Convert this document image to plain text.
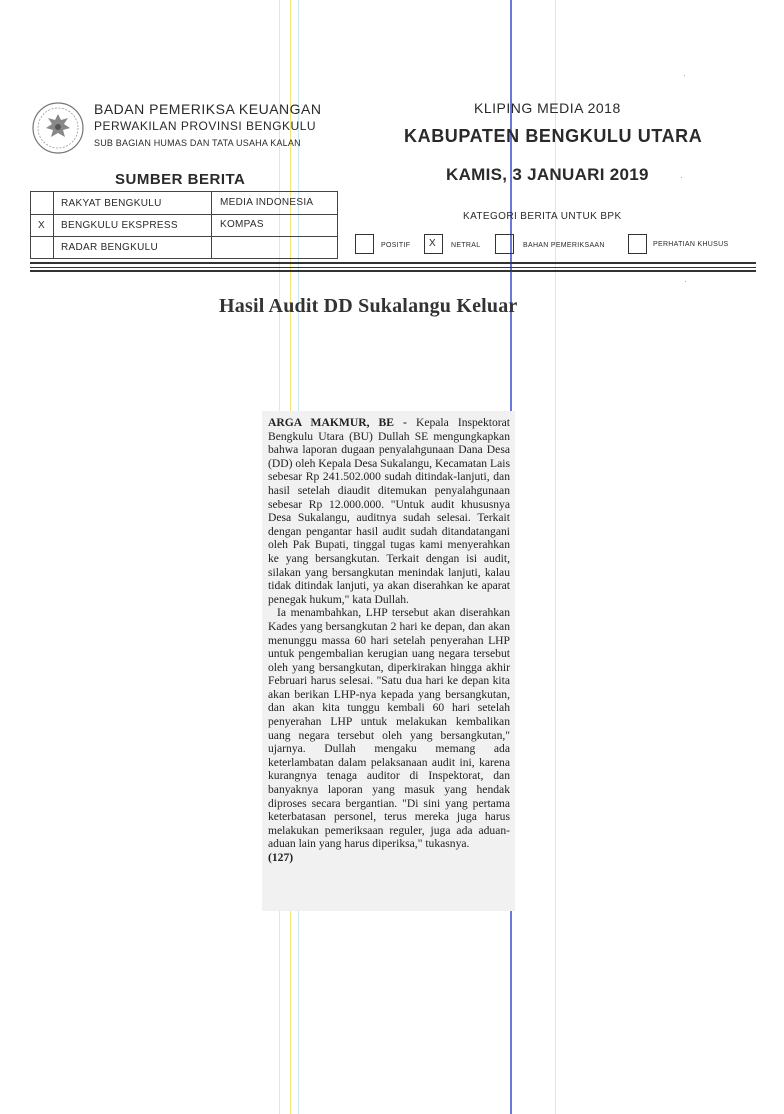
BADAN PEMERIKSA KEUANGAN
PERWAKILAN PROVINSI BENGKULU
SUB BAGIAN HUMAS DAN TATA USAHA KALAN
KLIPING MEDIA 2018
KABUPATEN BENGKULU UTARA
KAMIS, 3 JANUARI 2019
SUMBER BERITA
RAKYAT BENGKULU
X BENGKULU EKSPRESS
RADAR BENGKULU
MEDIA INDONESIA
KOMPAS
KATEGORI BERITA UNTUK BPK
POSITIF X NETRAL	BAHAN PEMERIKSAAN	PERHATIAN KHUSUS
Hasil Audit DD Sukalangu Keluar

ARGA MAKMUR, BE - Kepala Inspektorat Bengkulu Utara (BU) Dullah SE mengungkapkan bahwa laporan dugaan penyalahgunaan Dana Desa (DD) oleh Kepala Desa Sukalangu, Kecamatan Lais sebesar Rp 241.502.000 sudah ditindak-lanjuti, dan hasil setelah diaudit ditemukan penyalahgunaan sebesar Rp 12.000.000. "Untuk audit khususnya Desa Sukalangu, auditnya sudah selesai. Terkait dengan pengantar hasil audit sudah ditandatangani oleh Pak Bupati, tinggal tugas kami menyerahkan ke yang bersangkutan. Terkait dengan isi audit, silakan yang bersangkutan menindak lanjuti, kalau tidak ditindak lanjuti, ya akan diserahkan ke aparat penegak hukum," kata Dullah.

Ia menambahkan, LHP tersebut akan diserahkan Kades yang bersangkutan 2 hari ke depan, dan akan menunggu massa 60 hari setelah penyerahan LHP untuk pengembalian kerugian uang negara tersebut oleh yang bersangkutan, diperkirakan hingga akhir Februari harus selesai. "Satu dua hari ke depan kita akan berikan LHP-nya kepada yang bersangkutan, dan akan kita tunggu kembali 60 hari setelah penyerahan LHP untuk melakukan kembalikan uang negara tersebut oleh yang bersangkutan," ujarnya. Dullah mengaku memang ada keterlambatan dalam pelaksanaan audit ini, karena kurangnya tenaga auditor di Inspektorat, dan banyaknya laporan yang masuk yang hendak diproses secara bergantian. "Di sini yang pertama keterbatasan personel, terus mereka juga harus melakukan pemeriksaan reguler, juga ada aduan-aduan lain yang harus diperiksa," tukasnya.

(127)

·
·
·
